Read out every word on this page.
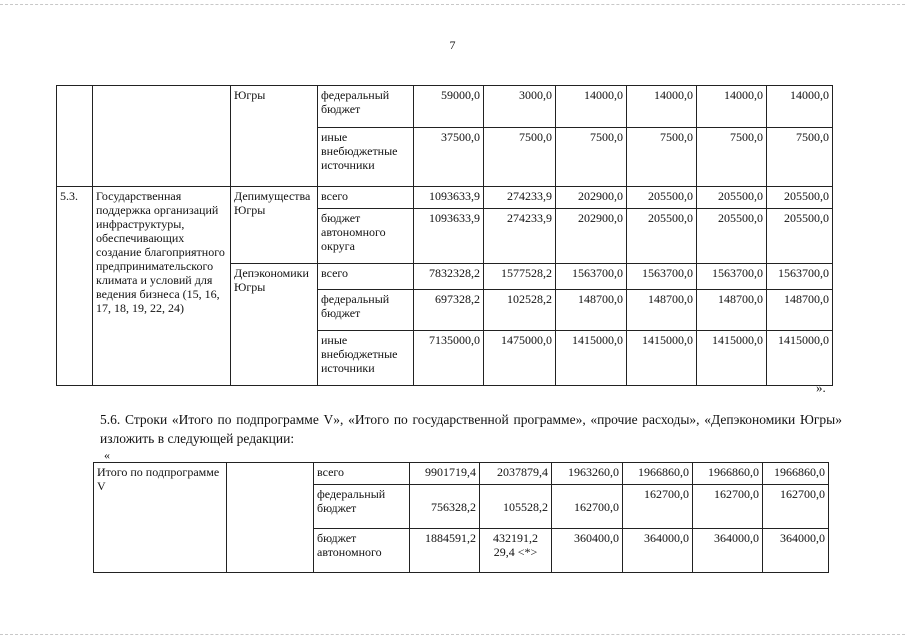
7
		Югры	федеральный бюджет	59000,0	3000,0	14000,0	14000,0	14000,0	14000,0
			иные внебюджетные источники	37500,0	7500,0	7500,0	7500,0	7500,0	7500,0
5.3.	Государственная поддержка организаций инфраструктуры, обеспечивающих создание благоприятного предпринимательского климата и условий для ведения бизнеса (15, 16, 17, 18, 19, 22, 24)	Депимущества Югры	всего	1093633,9	274233,9	202900,0	205500,0	205500,0	205500,0
			бюджет автономного округа	1093633,9	274233,9	202900,0	205500,0	205500,0	205500,0
		Депэкономики Югры	всего	7832328,2	1577528,2	1563700,0	1563700,0	1563700,0	1563700,0
			федеральный бюджет	697328,2	102528,2	148700,0	148700,0	148700,0	148700,0
			иные внебюджетные источники	7135000,0	1475000,0	1415000,0	1415000,0	1415000,0	1415000,0
».
5.6. Строки «Итого по подпрограмме V», «Итого по государственной программе», «прочие расходы», «Депэкономики Югры» изложить в следующей редакции:
«
Итого по подпрограмме V		всего	9901719,4	2037879,4	1963260,0	1966860,0	1966860,0	1966860,0
		федеральный бюджет	756328,2	105528,2	162700,0	162700,0	162700,0	162700,0
		бюджет автономного	1884591,2	432191,2 29,4 <*>	360400,0	364000,0	364000,0	364000,0
